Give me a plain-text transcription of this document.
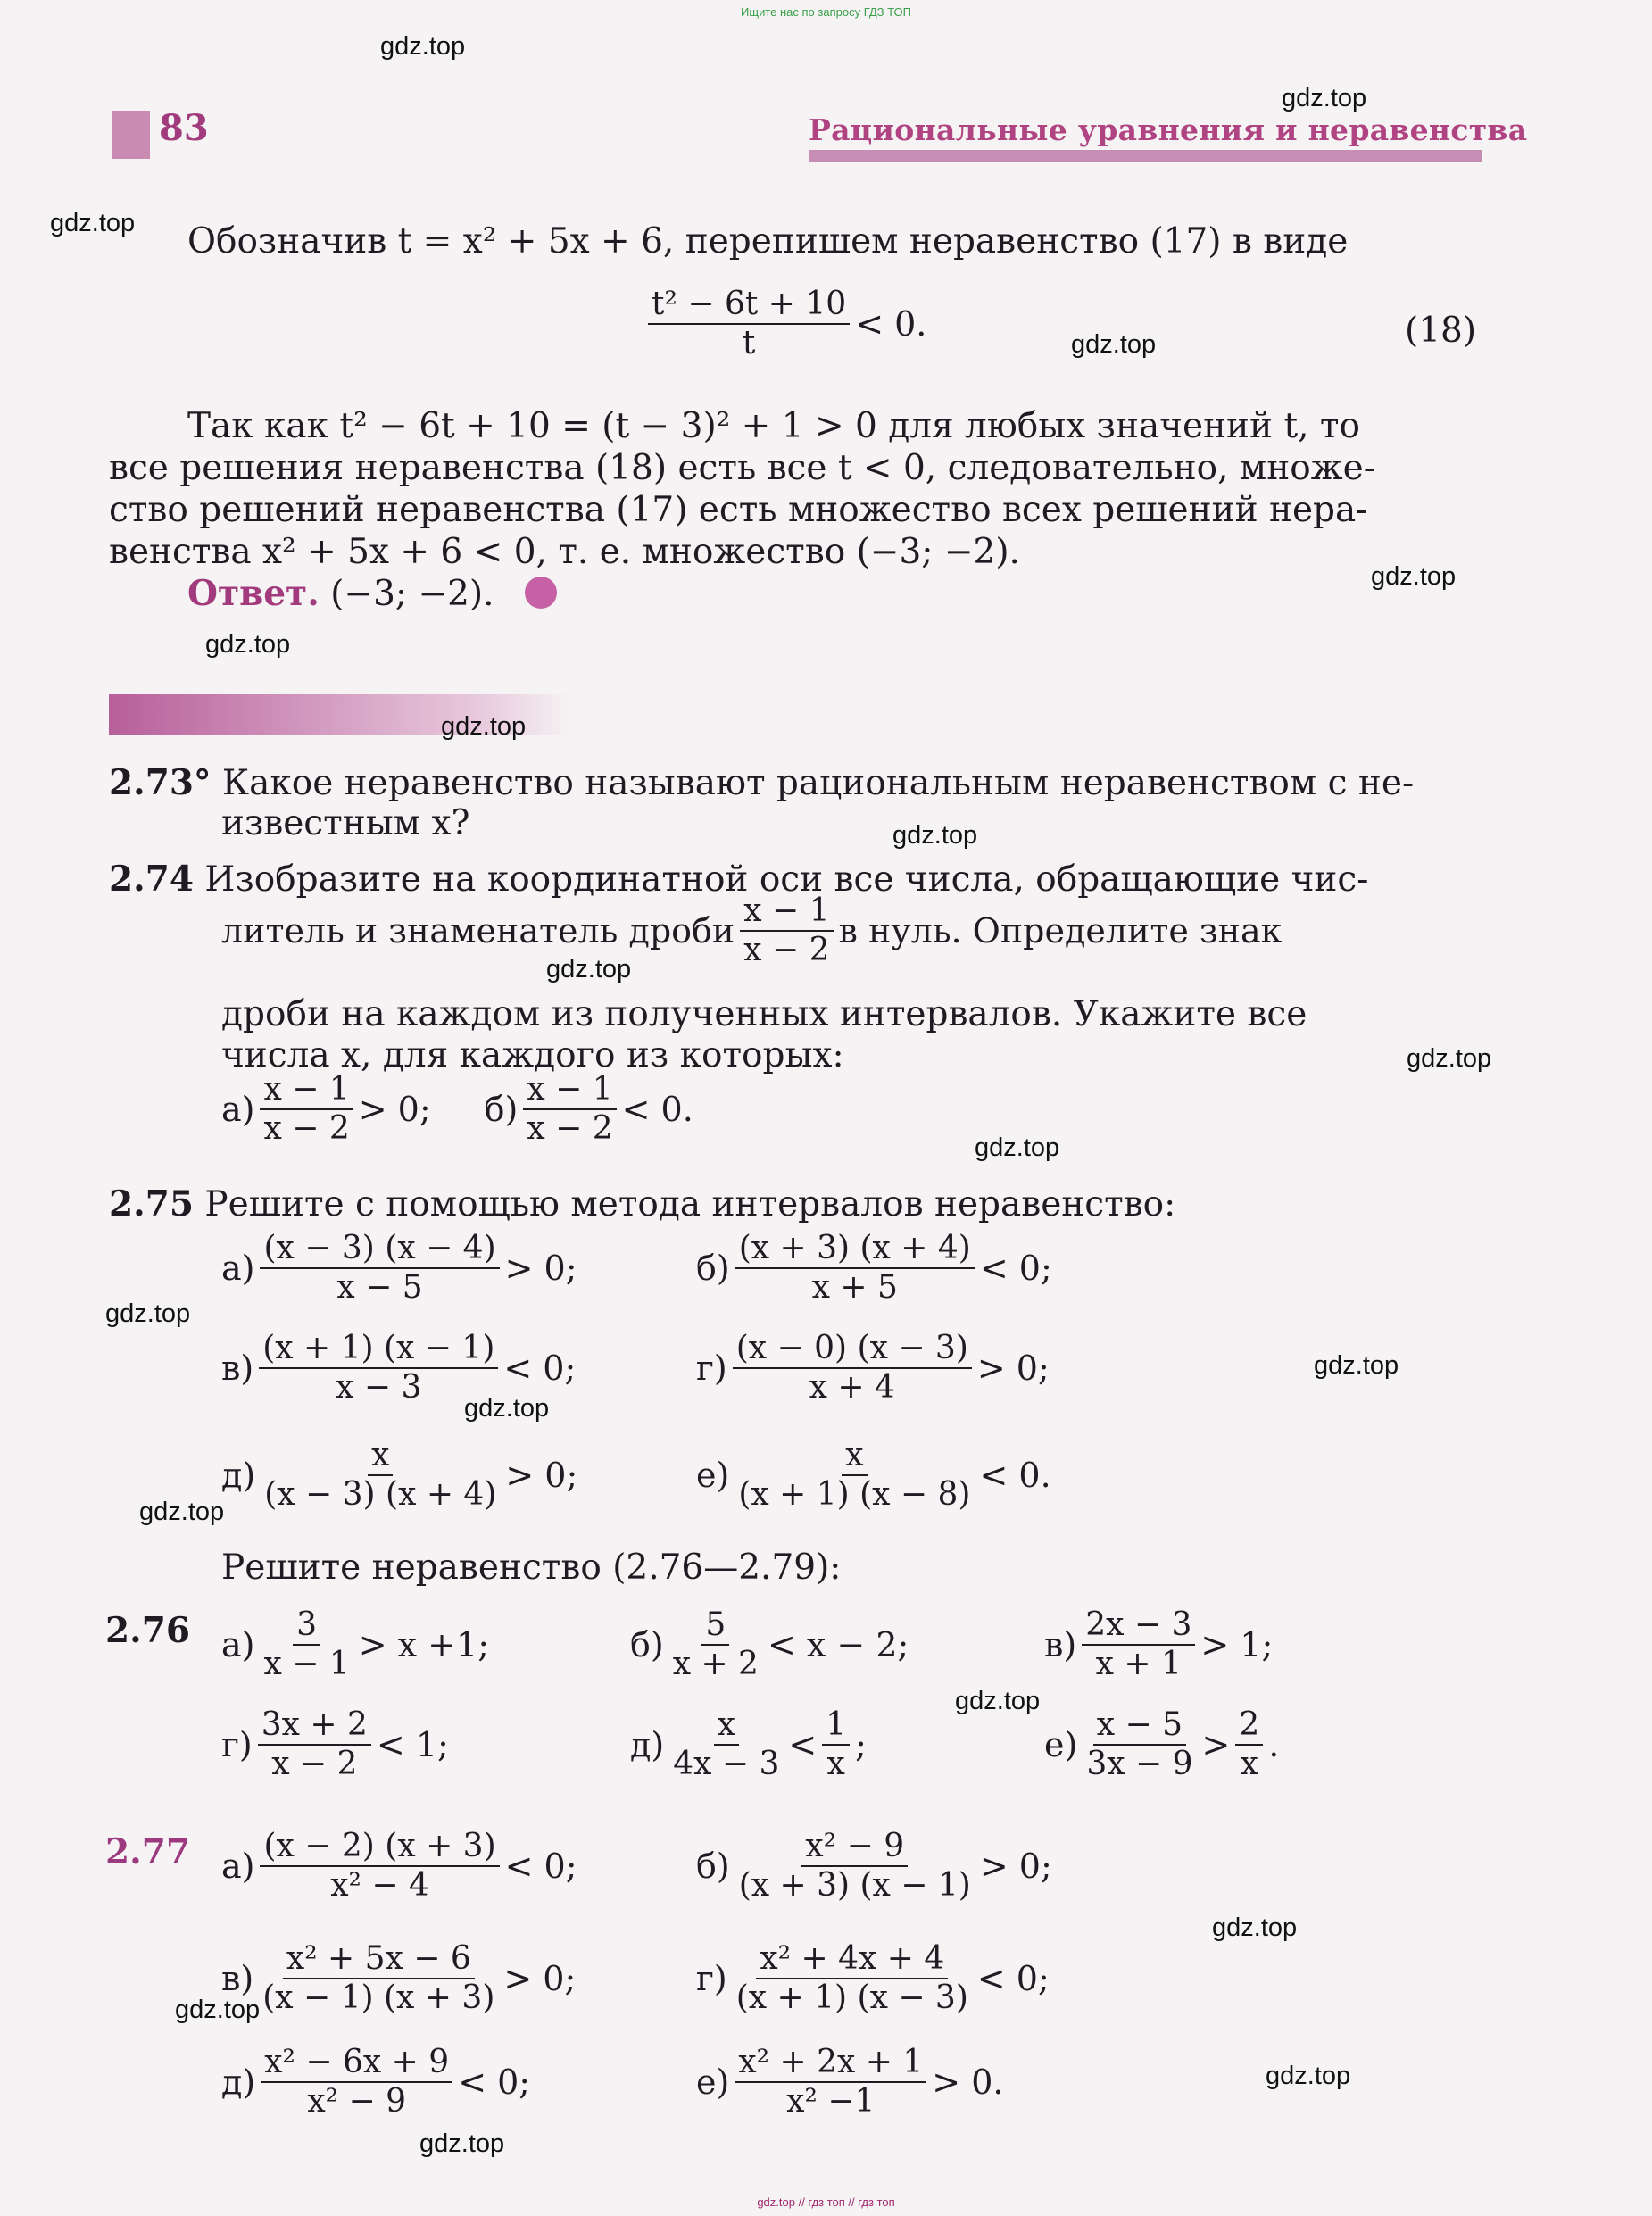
Ищите нас по запросу ГДЗ ТОП
83	Рациональные уравнения и неравенства
Обозначив t = x² + 5x + 6, перепишем неравенство (17) в виде
$\frac{\text{t² − 6t + 10}}{t} < 0$.	(18)
Так как t² − 6t + 10 = (t − 3)² + 1 > 0 для любых значений t, то
все решения неравенства (18) есть все t < 0, следовательно, множе-
ство решений неравенства (17) есть множество всех решений нера-
венства x² + 5x + 6 < 0, т. е. множество (−3; −2).
Ответ. (−3; −2).
2.73° Какое неравенство называют рациональным неравенством с не-
известным x?
2.74 Изобразите на координатной оси все числа, обращающие чис-
литель и знаменатель дроби $\frac{x - 1}{x - 2}$ в нуль. Определите знак
дроби на каждом из полученных интервалов. Укажите все
числа x, для каждого из которых:
$а) \frac{x - 1}{x - 2} > 0$; $б) \frac{x - 1}{x - 2} < 0$.
2.75 Решите с помощью метода интервалов неравенство:
$а) \frac{(x - 3) (x - 4)}{x - 5} > 0$;	$б) \frac{(x + 3) (x + 4)}{x + 5} < 0$;
$в) \frac{(x + 1) (x - 1)}{x - 3} < 0$;	$г) \frac{(x - 0) (x - 3)}{x + 4} > 0$;
$д) \frac{x}{(x - 3) (x + 4)} > 0$;	$е) \frac{x}{(x + 1) (x - 8)} < 0$.
Решите неравенство (2.76—2.79):
2.76 $а) \frac{3}{x - 1} > x +1$;	$б) \frac{5}{x + 2} < x - 2$;	$в) \frac{2x - 3}{x + 1} > 1$;
$г) \frac{3x + 2}{x - 2} < 1$;	$д) \frac{x}{4x - 3} < \frac{1}{x}$ ;	$е) \frac{x - 5}{3x - 9} > \frac{2}{x}$ .
2.77 $а) \frac{(x - 2) (x + 3)}{\text{x² − 4}} < 0$;	$б) \frac{\text{x² − 9}}{(x + 3) (x - 1)} > 0$;
$в) \frac{\text{x² + 5x − 6}}{(x - 1) (x + 3)} > 0$;	$г) \frac{\text{x² + 4x + 4}}{(x + 1) (x - 3)} < 0$;
$д) \frac{\text{x² − 6x + 9}}{\text{x² − 9}} < 0$;	$е) \frac{\text{x² + 2x + 1}}{\text{x² −1}} > 0$.
gdz.top
gdz.top
gdz.top
gdz.top
gdz.top
gdz.top
gdz.top
gdz.top
gdz.top
gdz.top
gdz.top
gdz.top
gdz.top
gdz.top
gdz.top
gdz.top
gdz.top
gdz.top
gdz.top
gdz.top
gdz.top // гдз топ // гдз топ
